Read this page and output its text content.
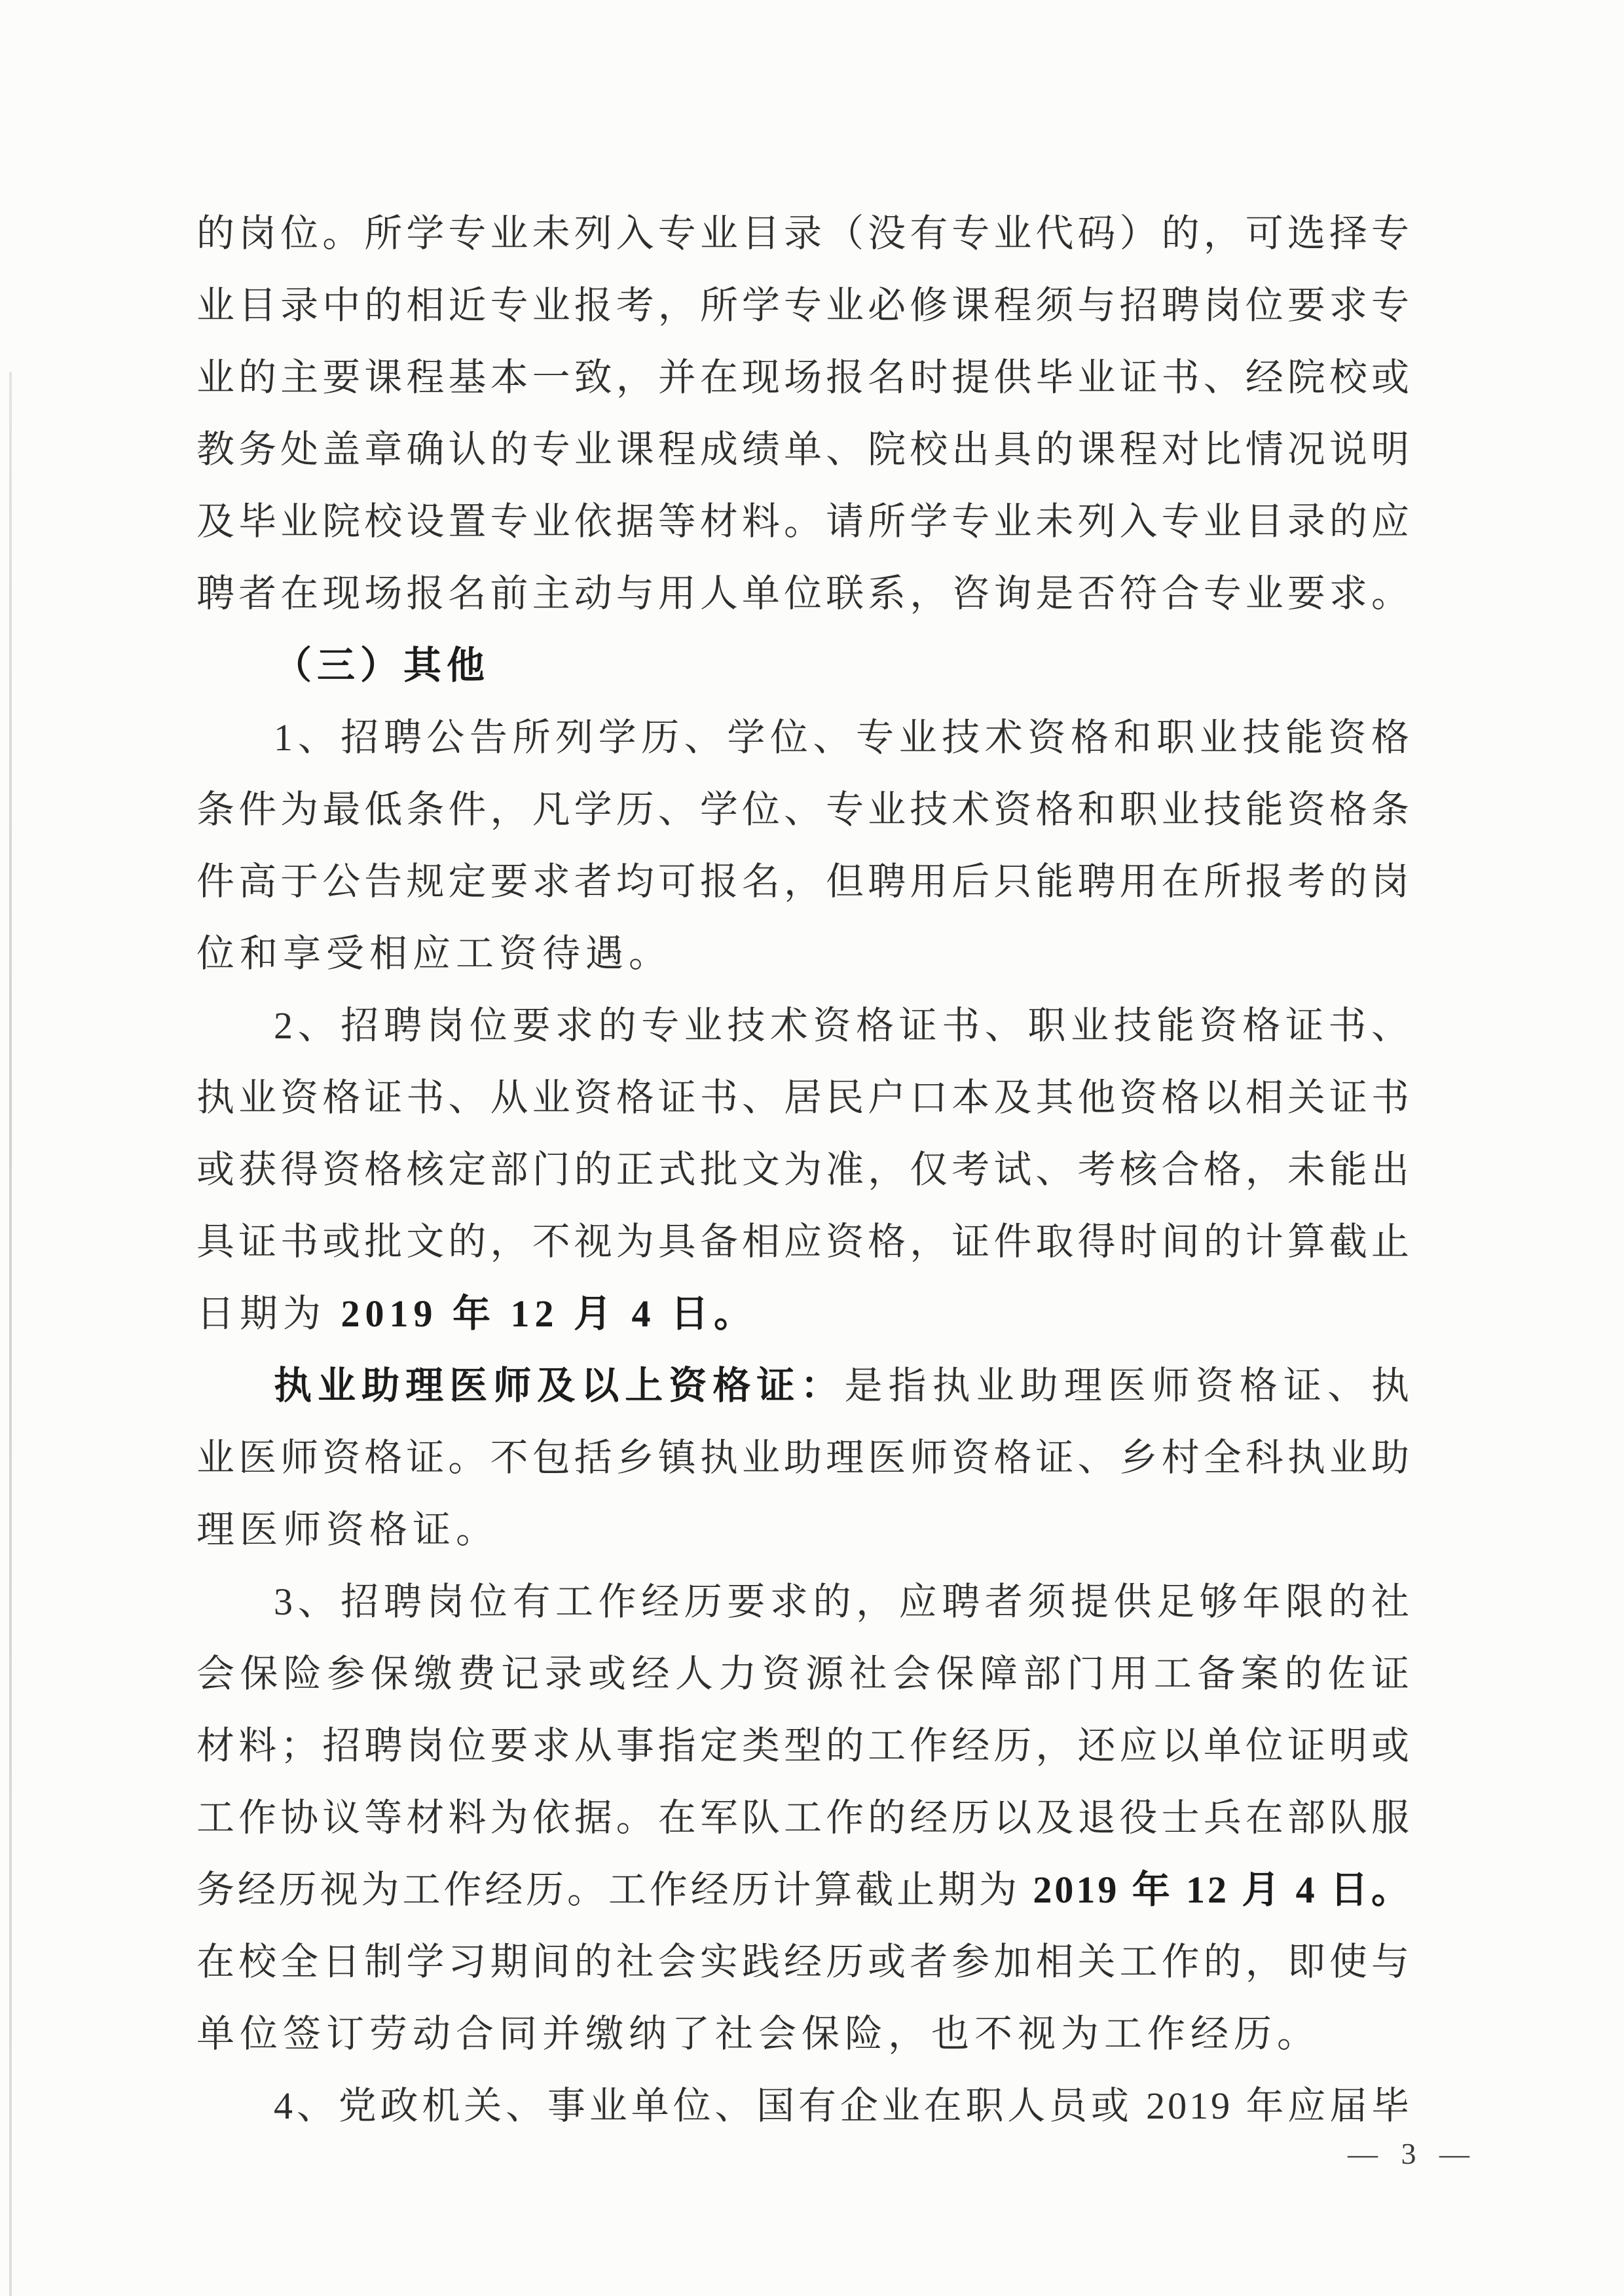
的岗位。所学专业未列入专业目录（没有专业代码）的，可选择专
业目录中的相近专业报考，所学专业必修课程须与招聘岗位要求专
业的主要课程基本一致，并在现场报名时提供毕业证书、经院校或
教务处盖章确认的专业课程成绩单、院校出具的课程对比情况说明
及毕业院校设置专业依据等材料。请所学专业未列入专业目录的应
聘者在现场报名前主动与用人单位联系，咨询是否符合专业要求。
（三）其他
1、招聘公告所列学历、学位、专业技术资格和职业技能资格
条件为最低条件，凡学历、学位、专业技术资格和职业技能资格条
件高于公告规定要求者均可报名，但聘用后只能聘用在所报考的岗
位和享受相应工资待遇。
2、招聘岗位要求的专业技术资格证书、职业技能资格证书、
执业资格证书、从业资格证书、居民户口本及其他资格以相关证书
或获得资格核定部门的正式批文为准，仅考试、考核合格，未能出
具证书或批文的，不视为具备相应资格，证件取得时间的计算截止
日期为 2019 年 12 月 4 日。
执业助理医师及以上资格证：是指执业助理医师资格证、执
业医师资格证。不包括乡镇执业助理医师资格证、乡村全科执业助
理医师资格证。
3、招聘岗位有工作经历要求的，应聘者须提供足够年限的社
会保险参保缴费记录或经人力资源社会保障部门用工备案的佐证
材料；招聘岗位要求从事指定类型的工作经历，还应以单位证明或
工作协议等材料为依据。在军队工作的经历以及退役士兵在部队服
务经历视为工作经历。工作经历计算截止期为 2019 年 12 月 4 日。
在校全日制学习期间的社会实践经历或者参加相关工作的，即使与
单位签订劳动合同并缴纳了社会保险，也不视为工作经历。
4、党政机关、事业单位、国有企业在职人员或 2019 年应届毕
— 3 —
